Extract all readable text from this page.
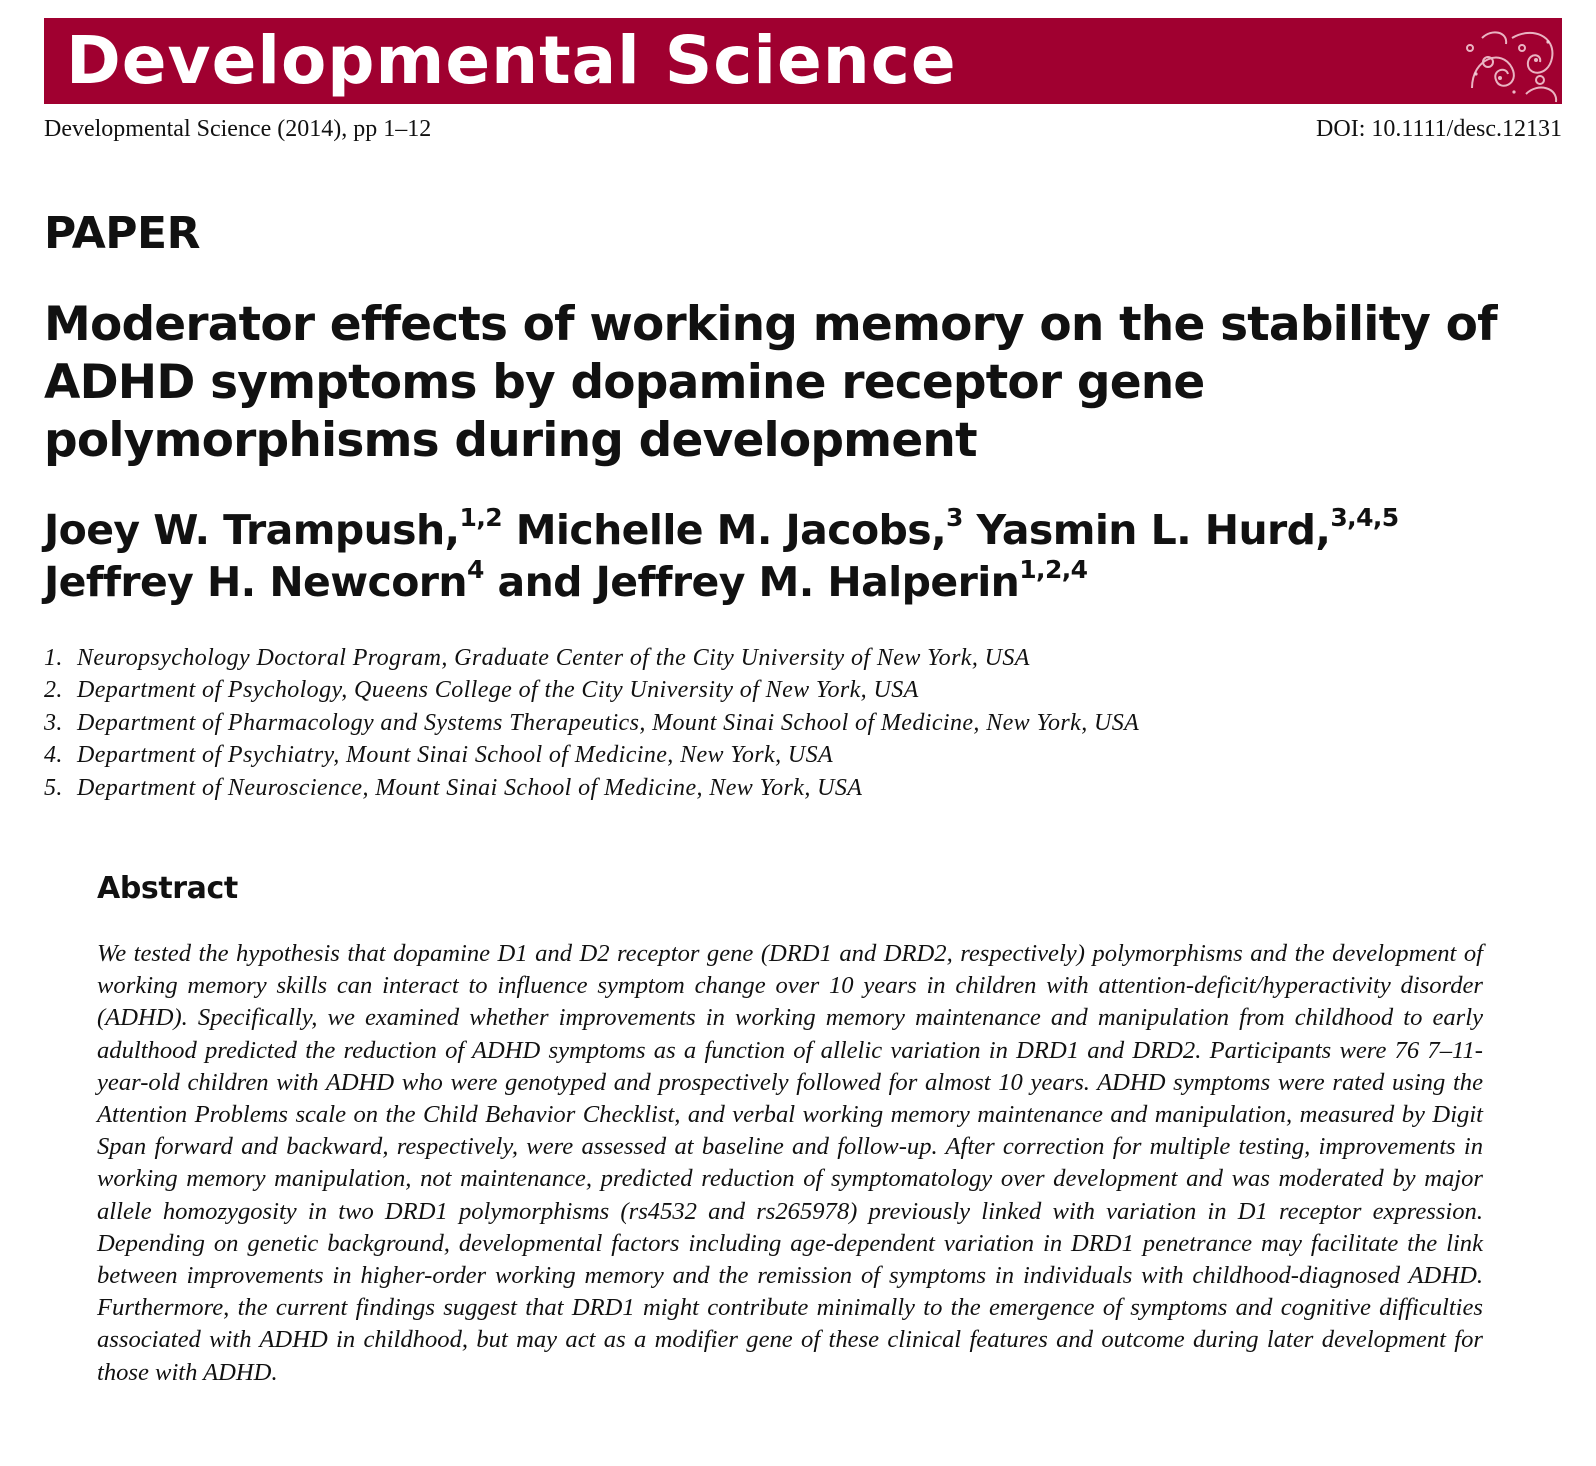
Developmental Science
Developmental Science (2014), pp 1–12	DOI: 10.1111/desc.12131
PAPER
Moderator effects of working memory on the stability of ADHD symptoms by dopamine receptor gene polymorphisms during development
Joey W. Trampush,$^{1,2}$ Michelle M. Jacobs,$^3$ Yasmin L. Hurd,$^{3,4,5}$
Jeffrey H. Newcorn$^4$ and Jeffrey M. Halperin$^{1,2,4}$
1. Neuropsychology Doctoral Program, Graduate Center of the City University of New York, USA
2. Department of Psychology, Queens College of the City University of New York, USA
3. Department of Pharmacology and Systems Therapeutics, Mount Sinai School of Medicine, New York, USA
4. Department of Psychiatry, Mount Sinai School of Medicine, New York, USA
5. Department of Neuroscience, Mount Sinai School of Medicine, New York, USA
Abstract

We tested the hypothesis that dopamine D1 and D2 receptor gene (DRD1 and DRD2, respectively) polymorphisms and the development of working memory skills can interact to influence symptom change over 10 years in children with attention-deficit/hyperactivity disorder (ADHD). Specifically, we examined whether improvements in working memory maintenance and manipulation from childhood to early adulthood predicted the reduction of ADHD symptoms as a function of allelic variation in DRD1 and DRD2. Participants were 76 7–11-year-old children with ADHD who were genotyped and prospectively followed for almost 10 years. ADHD symptoms were rated using the Attention Problems scale on the Child Behavior Checklist, and verbal working memory maintenance and manipulation, measured by Digit Span forward and backward, respectively, were assessed at baseline and follow-up. After correction for multiple testing, improvements in working memory manipulation, not maintenance, predicted reduction of symptomatology over development and was moderated by major allele homozygosity in two DRD1 polymorphisms (rs4532 and rs265978) previously linked with variation in D1 receptor expression. Depending on genetic background, developmental factors including age-dependent variation in DRD1 penetrance may facilitate the link between improvements in higher-order working memory and the remission of symptoms in individuals with childhood-diagnosed ADHD. Furthermore, the current findings suggest that DRD1 might contribute minimally to the emergence of symptoms and cognitive difficulties associated with ADHD in childhood, but may act as a modifier gene of these clinical features and outcome during later development for those with ADHD.
